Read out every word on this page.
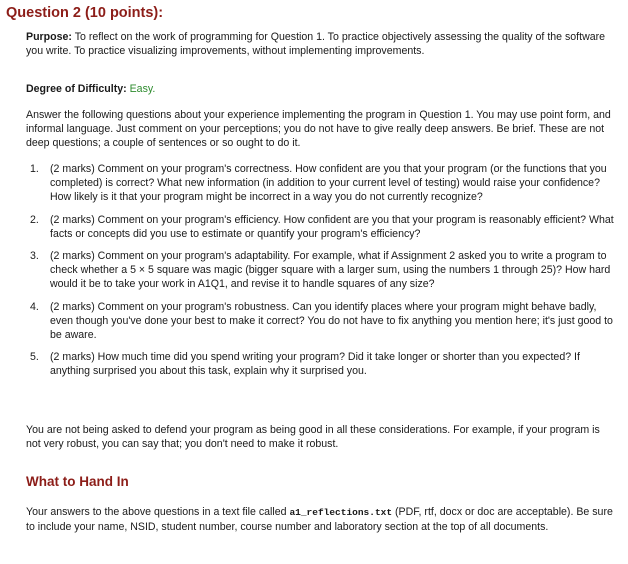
Question 2 (10 points):

Purpose: To reflect on the work of programming for Question 1. To practice objectively assessing the quality of the software you write. To practice visualizing improvements, without implementing improvements.

Degree of Difficulty: Easy.

Answer the following questions about your experience implementing the program in Question 1. You may use point form, and informal language. Just comment on your perceptions; you do not have to give really deep answers. Be brief. These are not deep questions; a couple of sentences or so ought to do it.

1.	(2 marks) Comment on your program's correctness. How confident are you that your program (or the functions that you completed) is correct? What new information (in addition to your current level of testing) would raise your confidence? How likely is it that your program might be incorrect in a way you do not currently recognize?
2.	(2 marks) Comment on your program's efficiency. How confident are you that your program is reasonably efficient? What facts or concepts did you use to estimate or quantify your program's efficiency?
3.	(2 marks) Comment on your program's adaptability. For example, what if Assignment 2 asked you to write a program to check whether a 5 × 5 square was magic (bigger square with a larger sum, using the numbers 1 through 25)? How hard would it be to take your work in A1Q1, and revise it to handle squares of any size?
4.	(2 marks) Comment on your program's robustness. Can you identify places where your program might behave badly, even though you've done your best to make it correct? You do not have to fix anything you mention here; it's just good to be aware.
5.	(2 marks) How much time did you spend writing your program? Did it take longer or shorter than you expected? If anything surprised you about this task, explain why it surprised you.

You are not being asked to defend your program as being good in all these considerations. For example, if your program is not very robust, you can say that; you don't need to make it robust.

What to Hand In

Your answers to the above questions in a text file called a1_reflections.txt (PDF, rtf, docx or doc are acceptable). Be sure to include your name, NSID, student number, course number and laboratory section at the top of all documents.
